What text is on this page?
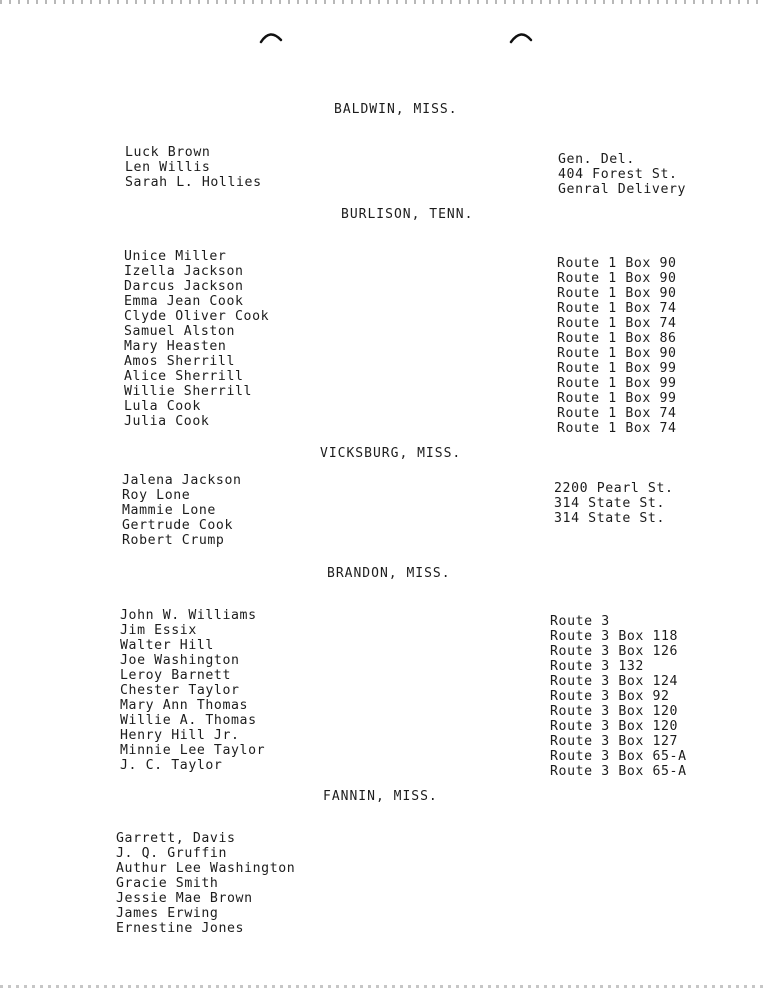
BALDWIN, MISS.
Luck Brown
Len Willis
Sarah L. Hollies
Gen. Del.
404 Forest St.
Genral Delivery
BURLISON, TENN.
Unice Miller
Izella Jackson
Darcus Jackson
Emma Jean Cook
Clyde Oliver Cook
Samuel Alston
Mary Heasten
Amos Sherrill
Alice Sherrill
Willie Sherrill
Lula Cook
Julia Cook
Route 1 Box 90
Route 1 Box 90
Route 1 Box 90
Route 1 Box 74
Route 1 Box 74
Route 1 Box 86
Route 1 Box 90
Route 1 Box 99
Route 1 Box 99
Route 1 Box 99
Route 1 Box 74
Route 1 Box 74
VICKSBURG, MISS.
Jalena Jackson
Roy Lone
Mammie Lone
Gertrude Cook
Robert Crump
2200 Pearl St.
314 State St.
314 State St.
BRANDON, MISS.
John W. Williams
Jim Essix
Walter Hill
Joe Washington
Leroy Barnett
Chester Taylor
Mary Ann Thomas
Willie A. Thomas
Henry Hill Jr.
Minnie Lee Taylor
J. C. Taylor
Route 3
Route 3 Box 118
Route 3 Box 126
Route 3 132
Route 3 Box 124
Route 3 Box 92
Route 3 Box 120
Route 3 Box 120
Route 3 Box 127
Route 3 Box 65-A
Route 3 Box 65-A
FANNIN, MISS.
Garrett, Davis
J. Q. Gruffin
Authur Lee Washington
Gracie Smith
Jessie Mae Brown
James Erwing
Ernestine Jones
